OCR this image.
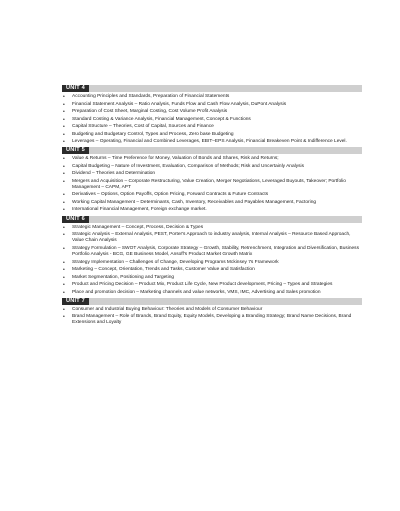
UNIT 4
• Accounting Principles and Standards, Preparation of Financial Statements
• Financial Statement Analysis – Ratio Analysis, Funds Flow and Cash Flow Analysis, DuPont Analysis
• Preparation of Cost Sheet, Marginal Costing, Cost Volume Profit Analysis
• Standard Costing & Variance Analysis, Financial Management, Concept & Functions
• Capital Structure – Theories, Cost of Capital, Sources and Finance
• Budgeting and Budgetary Control, Types and Process, Zero base Budgeting
• Leverages – Operating, Financial and Combined Leverages, EBIT–EPS Analysis, Financial Breakeven Point & Indifference Level.
UNIT 5
• Value & Returns – Time Preference for Money, Valuation of Bonds and Shares, Risk and Returns;
• Capital Budgeting – Nature of Investment, Evaluation, Comparison of Methods; Risk and Uncertainly Analysis
• Dividend – Theories and Determination
• Mergers and Acquisition – Corporate Restructuring, Value Creation, Merger Negotiations, Leveraged Buyouts, Takeover; Portfolio Management – CAPM, APT
• Derivatives – Options, Option Payoffs, Option Pricing, Forward Contracts & Future Contracts
• Working Capital Management – Determinants, Cash, Inventory, Receivables and Payables Management, Factoring
• International Financial Management, Foreign exchange market.
UNIT 6
• Strategic Management – Concept, Process, Decision & Types
• Strategic Analysis – External Analysis, PEST, Porter's Approach to industry analysis, Internal Analysis – Resource Based Approach, Value Chain Analysis
• Strategy Formulation – SWOT Analysis, Corporate Strategy – Growth, Stability, Retrenchment, Integration and Diversification, Business Portfolio Analysis - BCG, GE Business Model, Ansoff's Product Market Growth Matrix
• Strategy Implementation – Challenges of Change, Developing Programs Mckinsey 7s Framework
• Marketing – Concept, Orientation, Trends and Tasks, Customer Value and Satisfaction
• Market Segmentation, Positioning and Targeting
• Product and Pricing Decision – Product Mix, Product Life Cycle, New Product development, Pricing – Types and Strategies
• Place and promotion decision – Marketing channels and value networks, VMS, IMC, Advertising and Sales promotion
UNIT 7
• Consumer and Industrial Buying Behaviour: Theories and Models of Consumer Behaviour
• Brand Management – Role of Brands, Brand Equity, Equity Models, Developing a Branding Strategy; Brand Name Decisions, Brand Extensions and Loyalty
